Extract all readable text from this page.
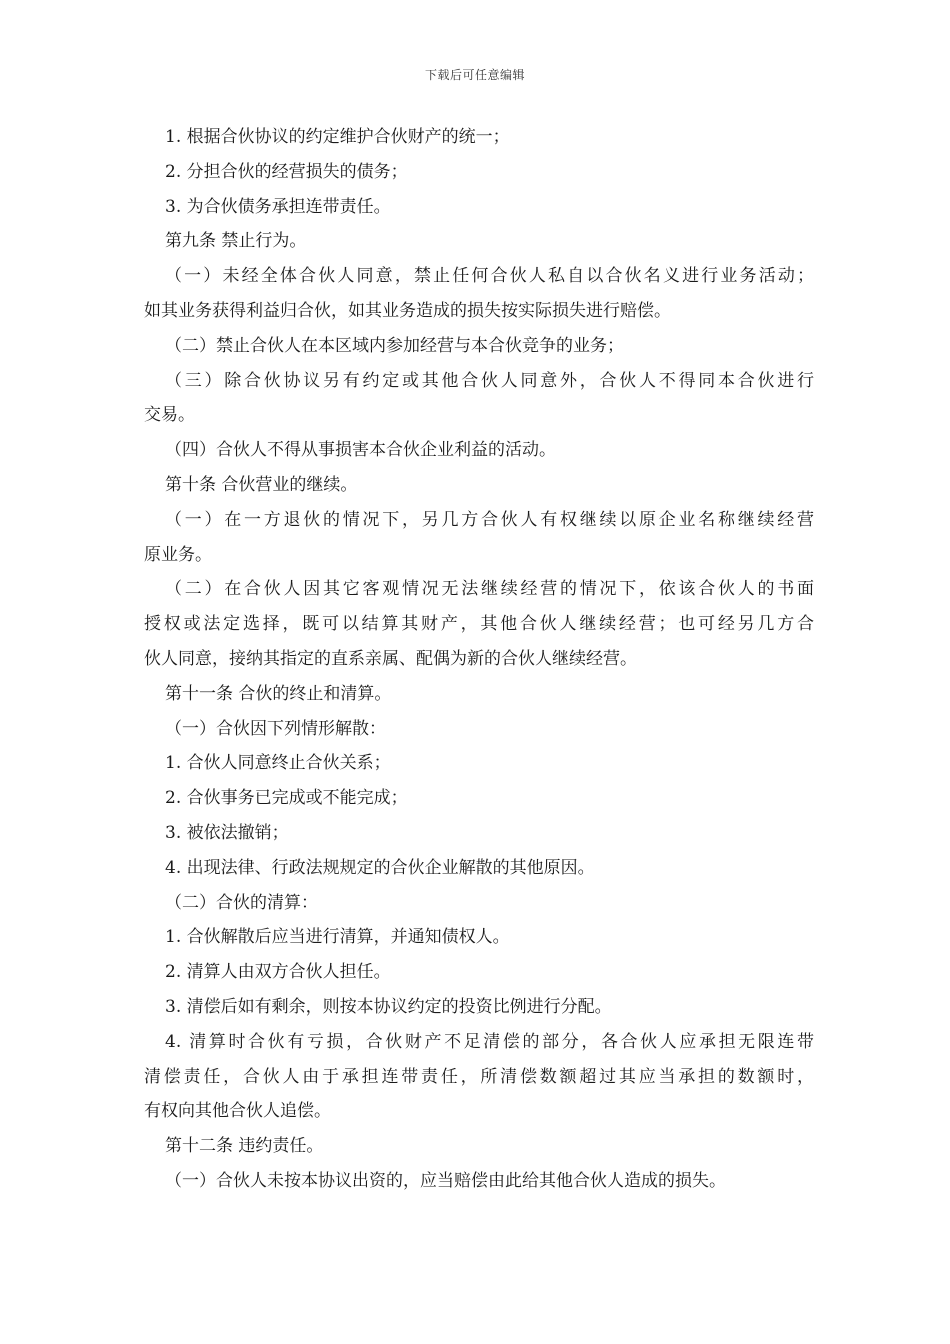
下载后可任意编辑
1. 根据合伙协议的约定维护合伙财产的统一；
2. 分担合伙的经营损失的债务；
3. 为合伙债务承担连带责任。
第九条 禁止行为。
（一）未经全体合伙人同意，禁止任何合伙人私自以合伙名义进行业务活动；
如其业务获得利益归合伙，如其业务造成的损失按实际损失进行赔偿。
（二）禁止合伙人在本区域内参加经营与本合伙竞争的业务；
（三）除合伙协议另有约定或其他合伙人同意外，合伙人不得同本合伙进行
交易。
（四）合伙人不得从事损害本合伙企业利益的活动。
第十条 合伙营业的继续。
（一）在一方退伙的情况下，另几方合伙人有权继续以原企业名称继续经营
原业务。
（二）在合伙人因其它客观情况无法继续经营的情况下，依该合伙人的书面
授权或法定选择，既可以结算其财产，其他合伙人继续经营；也可经另几方合
伙人同意，接纳其指定的直系亲属、配偶为新的合伙人继续经营。
第十一条 合伙的终止和清算。
（一）合伙因下列情形解散：
1. 合伙人同意终止合伙关系；
2. 合伙事务已完成或不能完成；
3. 被依法撤销；
4. 出现法律、行政法规规定的合伙企业解散的其他原因。
（二）合伙的清算：
1. 合伙解散后应当进行清算，并通知债权人。
2. 清算人由双方合伙人担任。
3. 清偿后如有剩余，则按本协议约定的投资比例进行分配。
4. 清算时合伙有亏损，合伙财产不足清偿的部分，各合伙人应承担无限连带
清偿责任，合伙人由于承担连带责任，所清偿数额超过其应当承担的数额时，
有权向其他合伙人追偿。
第十二条 违约责任。
（一）合伙人未按本协议出资的，应当赔偿由此给其他合伙人造成的损失。
